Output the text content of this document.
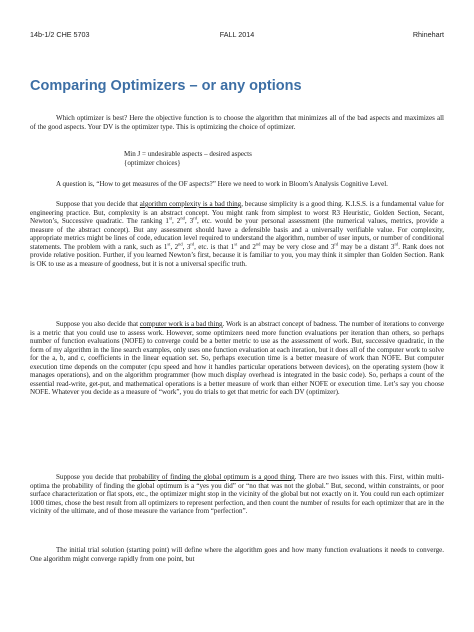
14b-1/2 CHE 5703	FALL 2014	Rhinehart
Comparing Optimizers – or any options

Which optimizer is best? Here the objective function is to choose the algorithm that minimizes all of the bad aspects and maximizes all of the good aspects. Your DV is the optimizer type. This is optimizing the choice of optimizer.

Min J = undesirable aspects – desired aspects
{optimizer choices}

A question is, “How to get measures of the OF aspects?” Here we need to work in Bloom’s Analysis Cognitive Level.

Suppose that you decide that algorithm complexity is a bad thing, because simplicity is a good thing. K.I.S.S. is a fundamental value for engineering practice. But, complexity is an abstract concept. You might rank from simplest to worst R3 Heuristic, Golden Section, Secant, Newton’s, Successive quadratic. The ranking 1st, 2nd, 3rd, etc. would be your personal assessment (the numerical values, metrics, provide a measure of the abstract concept). But any assessment should have a defensible basis and a universally verifiable value. For complexity, appropriate metrics might be lines of code, education level required to understand the algorithm, number of user inputs, or number of conditional statements. The problem with a rank, such as 1st, 2nd, 3rd, etc. is that 1st and 2nd may be very close and 3rd may be a distant 3rd. Rank does not provide relative position. Further, if you learned Newton’s first, because it is familiar to you, you may think it simpler than Golden Section. Rank is OK to use as a measure of goodness, but it is not a universal specific truth.

Suppose you also decide that computer work is a bad thing. Work is an abstract concept of badness. The number of iterations to converge is a metric that you could use to assess work. However, some optimizers need more function evaluations per iteration than others, so perhaps number of function evaluations (NOFE) to converge could be a better metric to use as the assessment of work. But, successive quadratic, in the form of my algorithm in the line search examples, only uses one function evaluation at each iteration, but it does all of the computer work to solve for the a, b, and c, coefficients in the linear equation set. So, perhaps execution time is a better measure of work than NOFE. But computer execution time depends on the computer (cpu speed and how it handles particular operations between devices), on the operating system (how it manages operations), and on the algorithm programmer (how much display overhead is integrated in the basic code). So, perhaps a count of the essential read-write, get-put, and mathematical operations is a better measure of work than either NOFE or execution time. Let’s say you choose NOFE. Whatever you decide as a measure of “work”, you do trials to get that metric for each DV (optimizer).

Suppose you decide that probability of finding the global optimum is a good thing. There are two issues with this. First, within multi-optima the probability of finding the global optimum is a “yes you did” or “no that was not the global.” But, second, within constraints, or poor surface characterization or flat spots, etc., the optimizer might stop in the vicinity of the global but not exactly on it. You could run each optimizer 1000 times, chose the best result from all optimizers to represent perfection, and then count the number of results for each optimizer that are in the vicinity of the ultimate, and of those measure the variance from “perfection”.

The initial trial solution (starting point) will define where the algorithm goes and how many function evaluations it needs to converge. One algorithm might converge rapidly from one point, but
